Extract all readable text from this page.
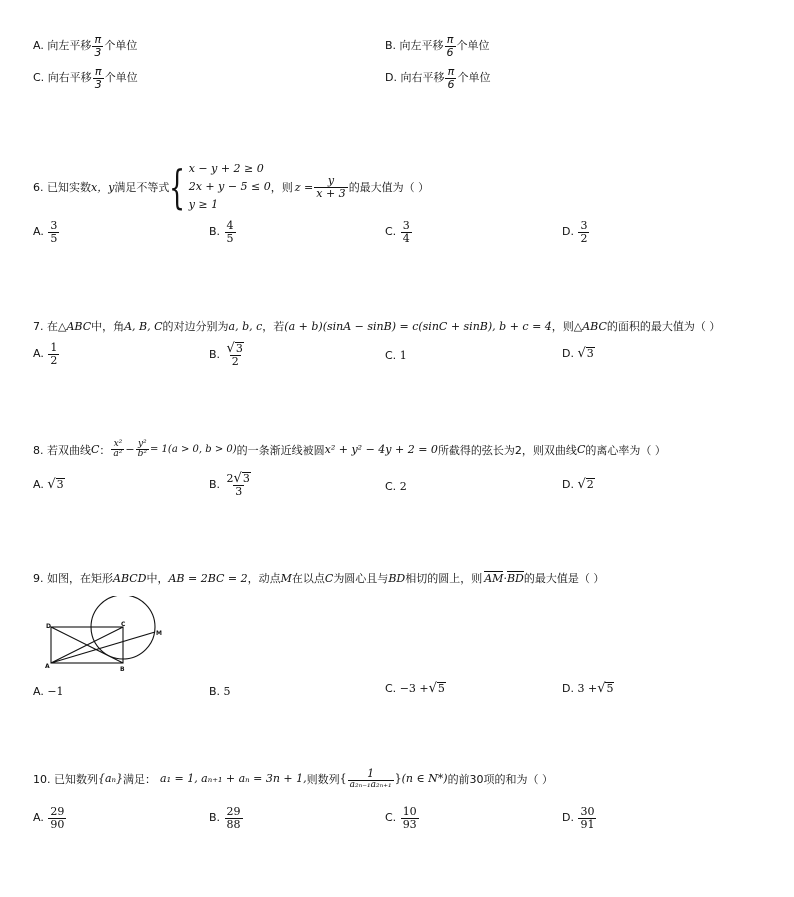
A. 向左平移 $\frac{\pi}{3}$ 个单位	B. 向左平移 $\frac{\pi}{6}$ 个单位
C. 向右平移 $\frac{\pi}{3}$ 个单位	D. 向右平移 $\frac{\pi}{6}$ 个单位
6. 已知实数 x，y 满足不等式 { x − y + 2 ≥ 0
2x + y − 5 ≤ 0
y ≥ 1
，则 $z = \frac{y}{x + 3}$ 的最大值为（ ）
A. $\frac{3}{5}$	B. $\frac{4}{5}$	C. $\frac{3}{4}$	D. $\frac{3}{2}$
7. 在△ABC中，角A, B, C的对边分别为a, b, c，若(a + b)(sinA − sinB) = c(sinC + sinB), b + c = 4，则△ABC的面积的最大值为（ ）
A. $\frac{1}{2}$	B. $\frac{√ 3}{2}$	C. 1	D. √ 3
8. 若双曲线 C ： $\frac{\text{x²}}{\text{a²}} - \frac{\text{y²}}{\text{b²}} = 1(a > 0$, b > 0) 的一条渐近线被圆 x² + y² − 4y + 2 = 0 所截得的弦长为2，则双曲线 C 的离心率为（ ）
A. √ 3	B. $\frac{2 √ 3}{3}$	C. 2	D. √ 2
9. 如图，在矩形ABCD中，AB = 2BC = 2，动点M在以点C为圆心且与BD相切的圆上，则 AM·BD的最大值是（ ）
D
A	B
C
M
A. −1	B. 5	C. −3 + √ 5	D. 3 + √ 5
10. 已知数列 {aₙ} 满足： a₁ = 1, aₙ₊₁ + aₙ = 3n + 1, 则数列 { $\frac{1}{\text{a₂ₙ₋₁a₂ₙ₊₁}}$ } (n ∈ N*) 的前30项的和为（ ）
A. $\frac{29}{90}$	B. $\frac{29}{88}$	C. $\frac{10}{93}$	D. $\frac{30}{91}$
